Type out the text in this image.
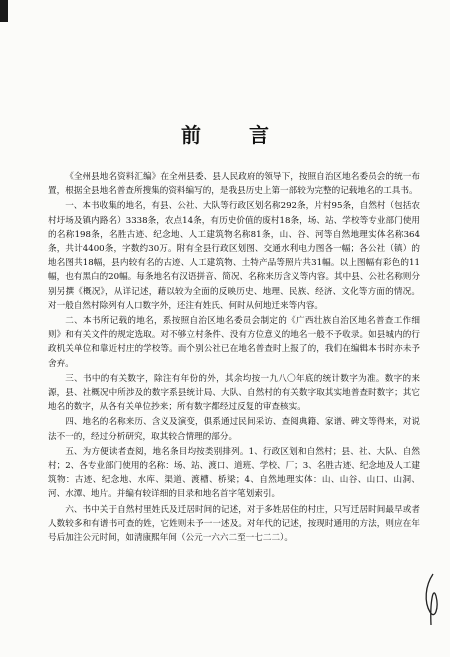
前　言

《全州县地名资料汇编》在全州县委、县人民政府的领导下，按照自治区地名委员会的统一布置，根据全县地名普查所搜集的资料编写的，是我县历史上第一部较为完整的记载地名的工具书。

一、本书收集的地名，有县、公社、大队等行政区划名称292条，片村95条，自然村（包括农村圩场及镇内路名）3338条，农点14条，有历史价值的废村18条，场、站、学校等专业部门使用的名称198条，名胜古迹、纪念地、人工建筑物名称81条，山、谷、河等自然地理实体名称364条，共计4400条，字数约30万。附有全县行政区划图、交通水利电力图各一幅；各公社（镇）的地名图共18幅，县内较有名的古迹、人工建筑物、土特产品等照片共31幅。以上图幅有彩色的11幅，也有黑白的20幅。每条地名有汉语拼音、简况、名称来历含义等内容。其中县、公社名称则分别另撰《概况》，从详记述，藉以较为全面的反映历史、地理、民族、经济、文化等方面的情况。对一般自然村除列有人口数字外，还注有姓氏、何时从何地迁来等内容。

二、本书所记载的地名，系按照自治区地名委员会制定的《广西壮族自治区地名普查工作细则》和有关文件的规定选取。对不够立村条件、没有方位意义的地名一般不予收录。如县城内的行政机关单位和靠近村庄的学校等。而个别公社已在地名普查时上报了的，我们在编辑本书时亦未予舍弃。

三、书中的有关数字，除注有年份的外，其余均按一九八〇年底的统计数字为准。数字的来源，县、社概况中所涉及的数字系县统计局、大队、自然村的有关数字取其实地普查时数字；其它地名的数字，从各有关单位抄来；所有数字都经过反复的审查核实。

四、地名的名称来历、含义及演变，俱系通过民间采访、查阅典籍、家谱、碑文等得来，对说法不一的，经过分析研究，取其较合情理的部分。

五、为方便读者查阅，地名条目均按类别排列。1、行政区划和自然村；县、社、大队、自然村；2、各专业部门使用的名称：场、站、渡口、道班、学校、厂；3、名胜古迹、纪念地及人工建筑物：古迹、纪念地、水库、渠道、渡槽、桥梁；4、自然地理实体：山、山谷、山口、山洞、河、水潭、地片。并编有较详细的目录和地名首字笔划索引。

六、书中关于自然村里姓氏及迁居时间的记述，对于多姓居住的村庄，只写迁居时间最早或者人数较多和有谱书可查的姓，它姓则未予一一述及。对年代的记述，按现时通用的方法，则应在年号后加注公元时间，如清康熙年间（公元一六六二至一七二二）。
